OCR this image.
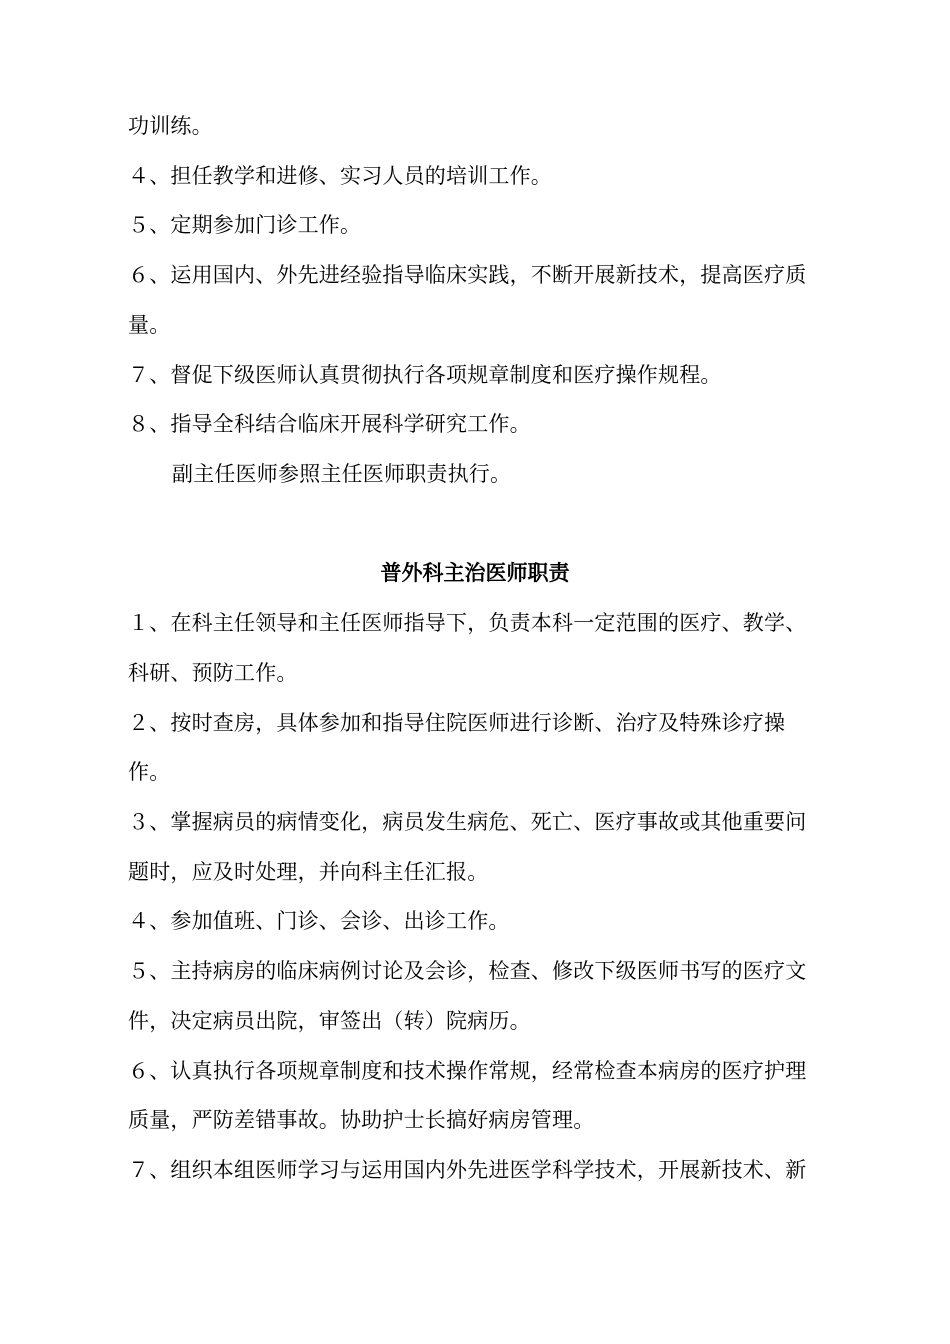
功训练。
４、担任教学和进修、实习人员的培训工作。
５、定期参加门诊工作。
６、运用国内、外先进经验指导临床实践，不断开展新技术，提高医疗质
量。
７、督促下级医师认真贯彻执行各项规章制度和医疗操作规程。
８、指导全科结合临床开展科学研究工作。
副主任医师参照主任医师职责执行。
普外科主治医师职责
１、在科主任领导和主任医师指导下，负责本科一定范围的医疗、教学、
科研、预防工作。
２、按时查房，具体参加和指导住院医师进行诊断、治疗及特殊诊疗操
作。
３、掌握病员的病情变化，病员发生病危、死亡、医疗事故或其他重要问
题时，应及时处理，并向科主任汇报。
４、参加值班、门诊、会诊、出诊工作。
５、主持病房的临床病例讨论及会诊，检查、修改下级医师书写的医疗文
件，决定病员出院，审签出（转）院病历。
６、认真执行各项规章制度和技术操作常规，经常检查本病房的医疗护理
质量，严防差错事故。协助护士长搞好病房管理。
７、组织本组医师学习与运用国内外先进医学科学技术，开展新技术、新
